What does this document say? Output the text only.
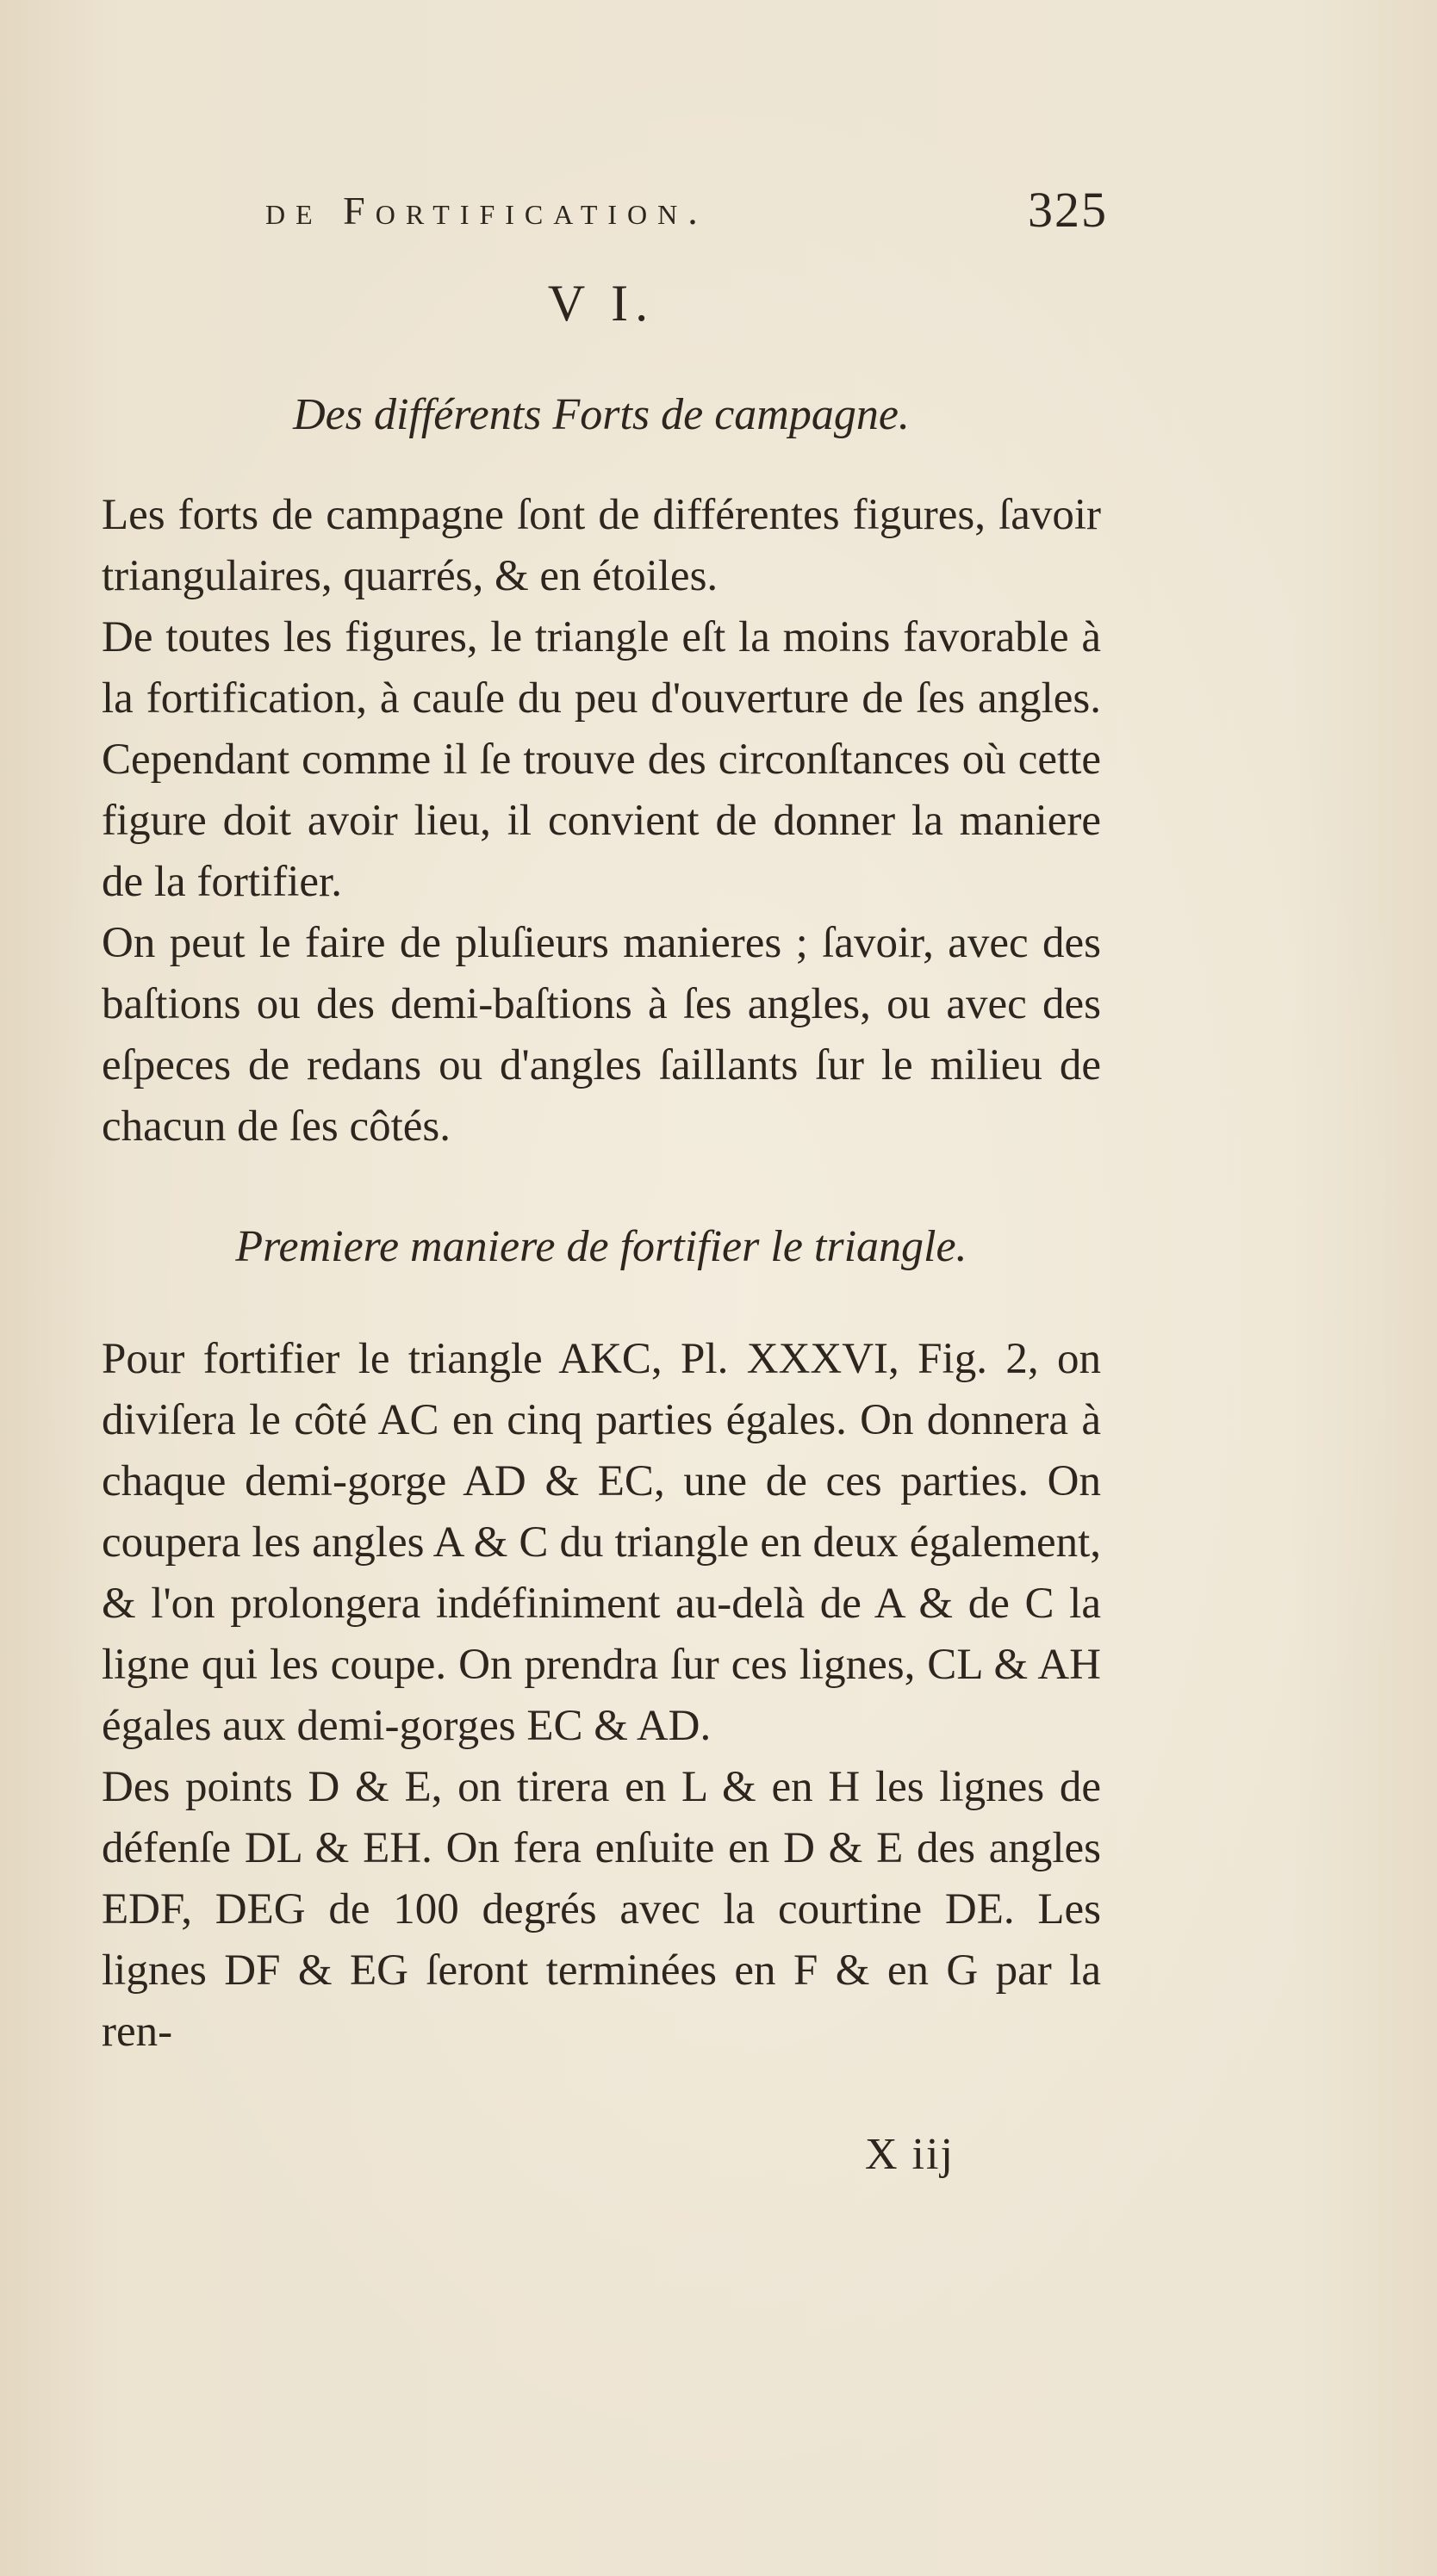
de Fortification.	325
V I.
Des différents Forts de campagne.

Les forts de campagne ſont de différentes figures, ſavoir triangulaires, quarrés, & en étoiles.

De toutes les figures, le triangle eſt la moins favorable à la fortification, à cauſe du peu d'ouverture de ſes angles. Cependant comme il ſe trouve des circonſtances où cette figure doit avoir lieu, il convient de donner la maniere de la fortifier.

On peut le faire de pluſieurs manieres ; ſavoir, avec des baſtions ou des demi-baſtions à ſes angles, ou avec des eſpeces de redans ou d'angles ſaillants ſur le milieu de chacun de ſes côtés.

Premiere maniere de fortifier le triangle.

Pour fortifier le triangle AKC, Pl. XXXVI, Fig. 2, on diviſera le côté AC en cinq parties égales. On donnera à chaque demi-gorge AD & EC, une de ces parties. On coupera les angles A & C du triangle en deux également, & l'on prolongera indéfiniment au-delà de A & de C la ligne qui les coupe. On prendra ſur ces lignes, CL & AH égales aux demi-gorges EC & AD.

Des points D & E, on tirera en L & en H les lignes de défenſe DL & EH. On fera enſuite en D & E des angles EDF, DEG de 100 degrés avec la courtine DE. Les lignes DF & EG ſeront terminées en F & en G par la ren-

X iij
